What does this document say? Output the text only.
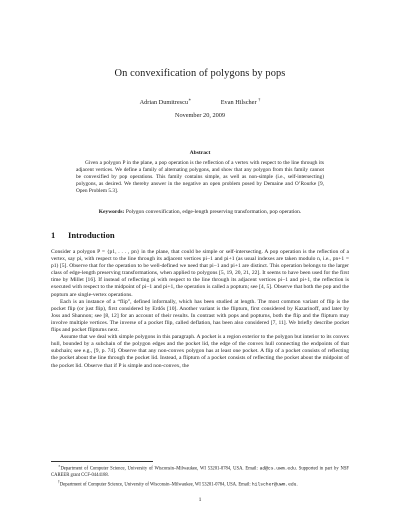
On convexification of polygons by pops
Adrian Dumitrescu∗	Evan Hilscher †
November 20, 2009
Abstract
Given a polygon P in the plane, a pop operation is the reflection of a vertex with respect to the line through its adjacent vertices. We define a family of alternating polygons, and show that any polygon from this family cannot be convexified by pop operations. This family contains simple, as well as non-simple (i.e., self-intersecting) polygons, as desired. We thereby answer in the negative an open problem posed by Demaine and O’Rourke [9, Open Problem 5.3].
Keywords: Polygon convexification, edge-length preserving transformation, pop operation.
1 Introduction

Consider a polygon P = {p1, . . . , pn} in the plane, that could be simple or self-intersecting. A pop operation is the reflection of a vertex, say pi, with respect to the line through its adjacent vertices pi−1 and pi+1 (as usual indexes are taken modulo n, i.e., pn+1 = p1) [5]. Observe that for the operation to be well-defined we need that pi−1 and pi+1 are distinct. This operation belongs to the larger class of edge-length preserving transformations, when applied to polygons [5, 19, 20, 21, 22]. It seems to have been used for the first time by Millet [16]. If instead of reflecting pi with respect to the line through its adjacent vertices pi−1 and pi+1, the reflection is executed with respect to the midpoint of pi−1 and pi+1, the operation is called a popturn; see [4, 5]. Observe that both the pop and the popturn are single-vertex operations.

Each is an instance of a “flip”, defined informally, which has been studied at length. The most common variant of flip is the pocket flip (or just flip), first considered by Erdős [10]. Another variant is the flipturn, first considered by Kazarinoff, and later by Joss and Shannon; see [8, 12] for an account of their results. In contrast with pops and popturns, both the flip and the flipturn may involve multiple vertices. The inverse of a pocket flip, called deflation, has been also considered [7, 11]. We briefly describe pocket flips and pocket flipturns next.

Assume that we deal with simple polygons in this paragraph. A pocket is a region exterior to the polygon but interior to its convex hull, bounded by a subchain of the polygon edges and the pocket lid, the edge of the convex hull connecting the endpoints of that subchain; see e.g., [9, p. 74]. Observe that any non-convex polygon has at least one pocket. A flip of a pocket consists of reflecting the pocket about the line through the pocket lid. Instead, a flipturn of a pocket consists of reflecting the pocket about the midpoint of the pocket lid. Observe that if P is simple and non-convex, the

∗Department of Computer Science, University of Wisconsin–Milwaukee, WI 53201-0784, USA. Email: ad@cs.uwm.edu. Supported in part by NSF CAREER grant CCF-0444188.

†Department of Computer Science, University of Wisconsin–Milwaukee, WI 53201-0784, USA. Email: hilscher@uwm.edu.

1
